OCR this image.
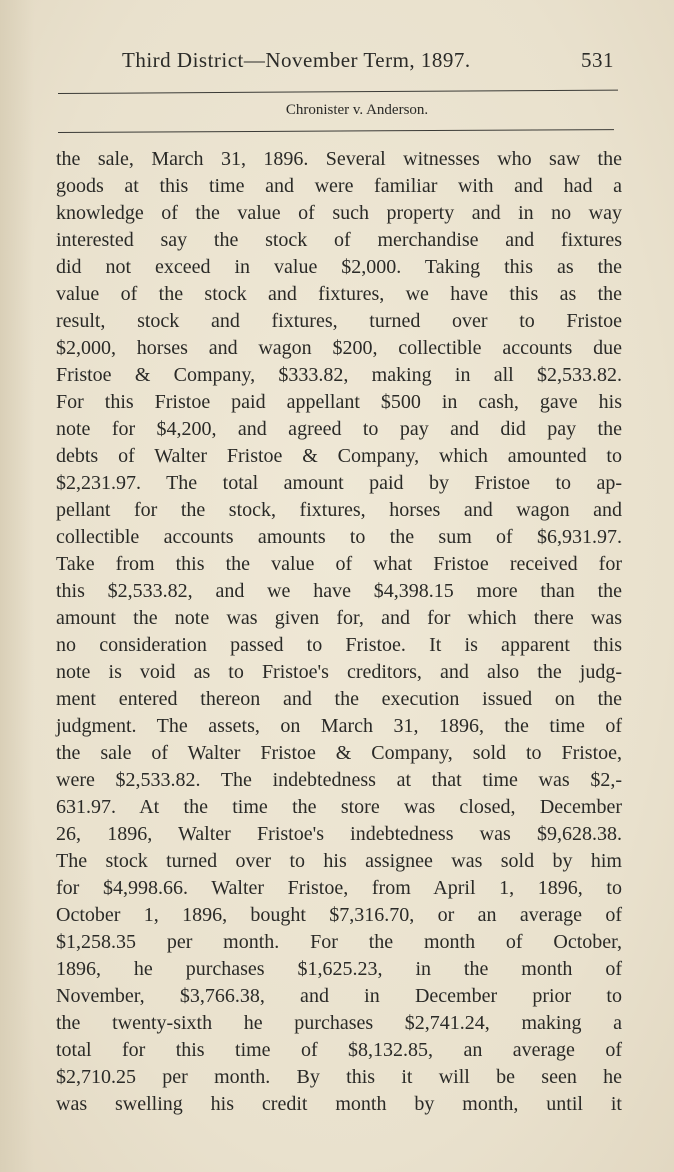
Third District—November Term, 1897.	531
Chronister v. Anderson.
the sale, March 31, 1896. Several witnesses who saw the
goods at this time and were familiar with and had a
knowledge of the value of such property and in no way
interested say the stock of merchandise and fixtures
did not exceed in value $2,000. Taking this as the
value of the stock and fixtures, we have this as the
result, stock and fixtures, turned over to Fristoe
$2,000, horses and wagon $200, collectible accounts due
Fristoe & Company, $333.82, making in all $2,533.82.
For this Fristoe paid appellant $500 in cash, gave his
note for $4,200, and agreed to pay and did pay the
debts of Walter Fristoe & Company, which amounted to
$2,231.97. The total amount paid by Fristoe to ap-
pellant for the stock, fixtures, horses and wagon and
collectible accounts amounts to the sum of $6,931.97.
Take from this the value of what Fristoe received for
this $2,533.82, and we have $4,398.15 more than the
amount the note was given for, and for which there was
no consideration passed to Fristoe. It is apparent this
note is void as to Fristoe's creditors, and also the judg-
ment entered thereon and the execution issued on the
judgment. The assets, on March 31, 1896, the time of
the sale of Walter Fristoe & Company, sold to Fristoe,
were $2,533.82. The indebtedness at that time was $2,-
631.97. At the time the store was closed, December
26, 1896, Walter Fristoe's indebtedness was $9,628.38.
The stock turned over to his assignee was sold by him
for $4,998.66. Walter Fristoe, from April 1, 1896, to
October 1, 1896, bought $7,316.70, or an average of
$1,258.35 per month. For the month of October,
1896, he purchases $1,625.23, in the month of
November, $3,766.38, and in December prior to
the twenty-sixth he purchases $2,741.24, making a
total for this time of $8,132.85, an average of
$2,710.25 per month. By this it will be seen he
was swelling his credit month by month, until it
